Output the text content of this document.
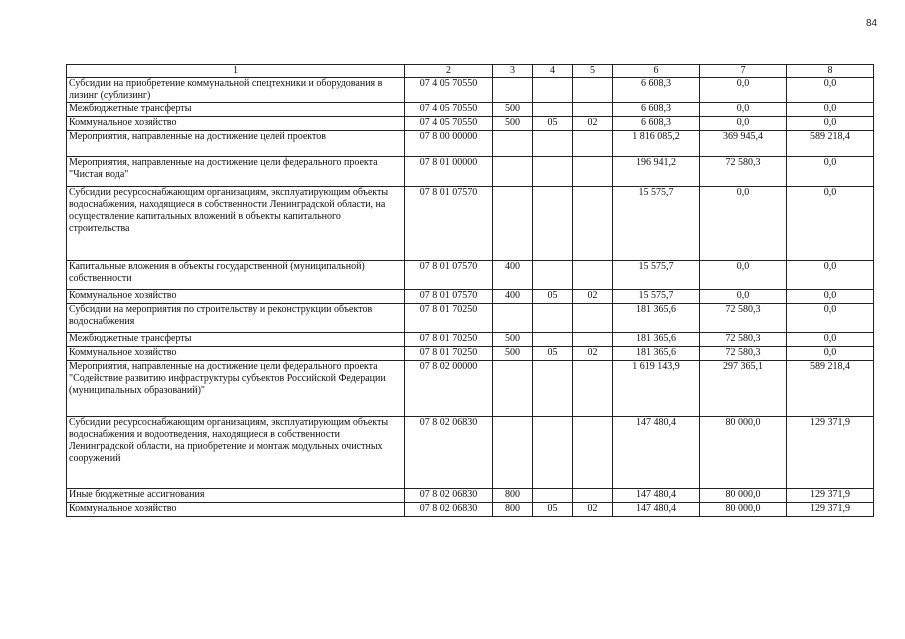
84
1	2	3	4	5	6	7	8
Субсидии на приобретение коммунальной спецтехники и оборудования в лизинг (сублизинг)	07 4 05 70550				6 608,3	0,0	0,0
Межбюджетные трансферты	07 4 05 70550	500			6 608,3	0,0	0,0
Коммунальное хозяйство	07 4 05 70550	500	05	02	6 608,3	0,0	0,0
Мероприятия, направленные на достижение целей проектов	07 8 00 00000				1 816 085,2	369 945,4	589 218,4
Мероприятия, направленные на достижение цели федерального проекта "Чистая вода"	07 8 01 00000				196 941,2	72 580,3	0,0
Субсидии ресурсоснабжающим организациям, эксплуатирующим объекты водоснабжения, находящиеся в собственности Ленинградской области, на осуществление капитальных вложений в объекты капитального строительства	07 8 01 07570				15 575,7	0,0	0,0
Капитальные вложения в объекты государственной (муниципальной) собственности	07 8 01 07570	400			15 575,7	0,0	0,0
Коммунальное хозяйство	07 8 01 07570	400	05	02	15 575,7	0,0	0,0
Субсидии на мероприятия по строительству и реконструкции объектов водоснабжения	07 8 01 70250				181 365,6	72 580,3	0,0
Межбюджетные трансферты	07 8 01 70250	500			181 365,6	72 580,3	0,0
Коммунальное хозяйство	07 8 01 70250	500	05	02	181 365,6	72 580,3	0,0
Мероприятия, направленные на достижение цели федерального проекта "Содействие развитию инфраструктуры субъектов Российской Федерации (муниципальных образований)"	07 8 02 00000				1 619 143,9	297 365,1	589 218,4
Субсидии ресурсоснабжающим организациям, эксплуатирующим объекты водоснабжения и водоотведения, находящиеся в собственности Ленинградской области, на приобретение и монтаж модульных очистных сооружений	07 8 02 06830				147 480,4	80 000,0	129 371,9
Иные бюджетные ассигнования	07 8 02 06830	800			147 480,4	80 000,0	129 371,9
Коммунальное хозяйство	07 8 02 06830	800	05	02	147 480,4	80 000,0	129 371,9
